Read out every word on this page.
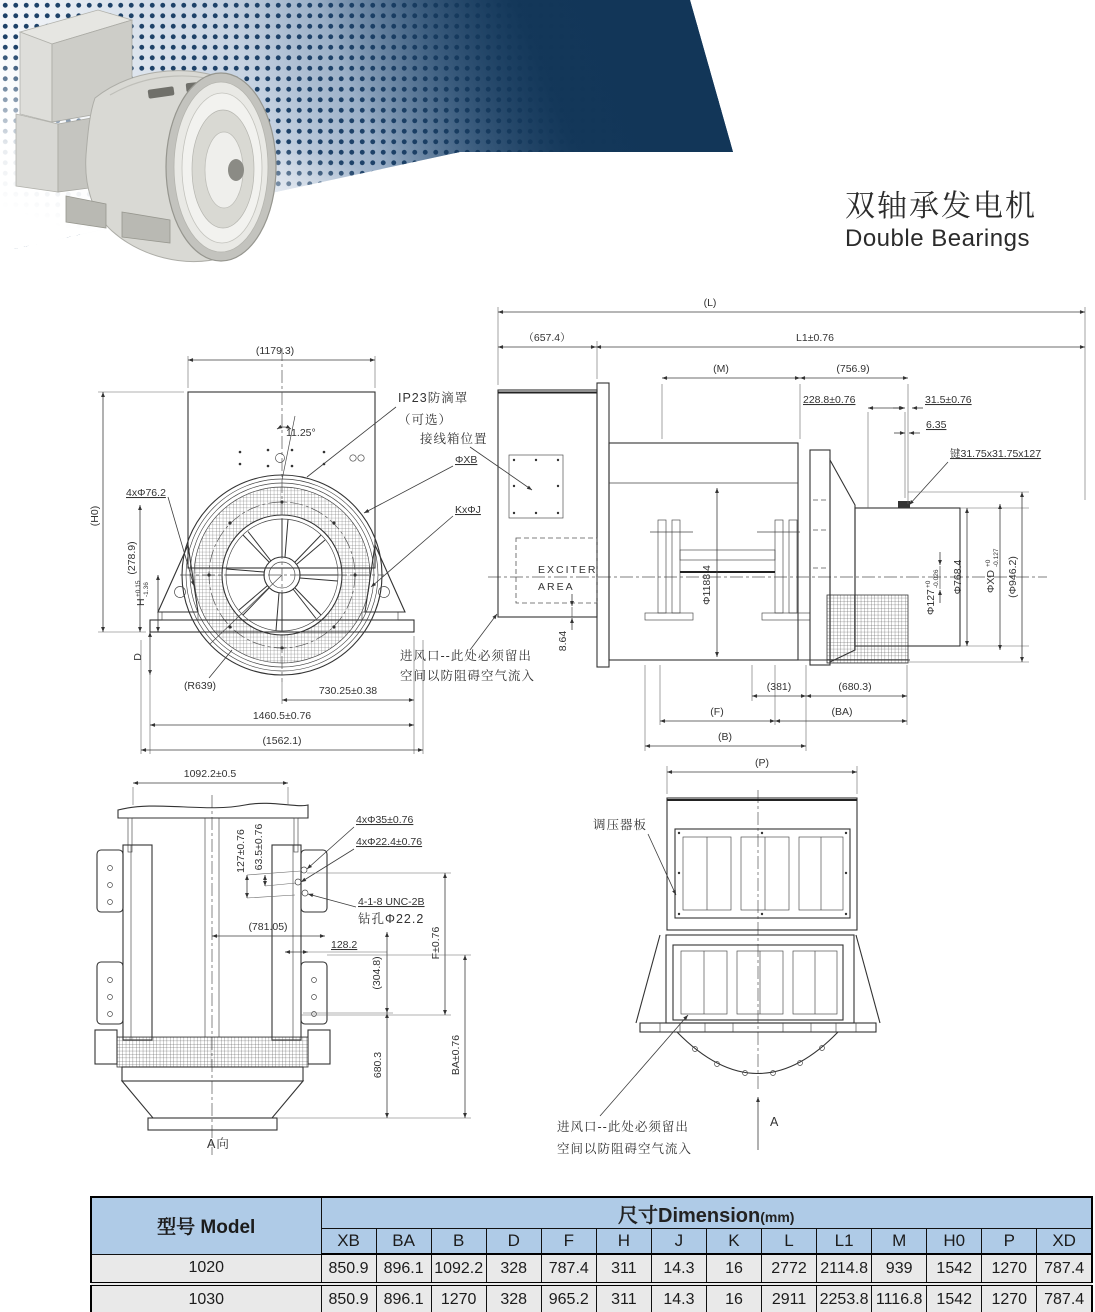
双轴承发电机
Double Bearings
(1179.3)
11.25°
(H0)
(278.9)
H
+0.15 -1.36
D
4xΦ76.2
(R639)	730.25±0.38
1460.5±0.76
(1562.1)
IP23防滴罩
（可选）
ΦXB
KxΦJ
(L)
（657.4）	L1±0.76
(M)	(756.9)
228.8±0.76	31.5±0.76
6.35
键31.75x31.75x127
Φ768.4 ΦXD
+0 -0.127 (Φ946.2)
Φ127
+0 -0.026
Φ1188.4
8.64
EXCITER
AREA
接线箱位置
进风口--此处必须留出
空间以防阻碍空气流入
(381)	(680.3)
(F)	(BA)
(B)
1092.2±0.5
127±0.76 63.5±0.76
4xΦ35±0.76
4xΦ22.4±0.76
4-1-8 UNC-2B
钻孔Φ22.2
(781.05)
128.2
(304.8)
680.3
F±0.76
BA±0.76
A向
(P)
调压器板
进风口--此处必须留出
空间以防阻碍空气流入
A
型号 Model	尺寸Dimension(mm)													
	XB	BA	B	D	F	H	J	K	L	L1	M	H0	P	XD
1020	850.9	896.1	1092.2	328	787.4	311	14.3	16	2772	2114.8	939	1542	1270	787.4
1030	850.9	896.1	1270	328	965.2	311	14.3	16	2911	2253.8	1116.8	1542	1270	787.4
